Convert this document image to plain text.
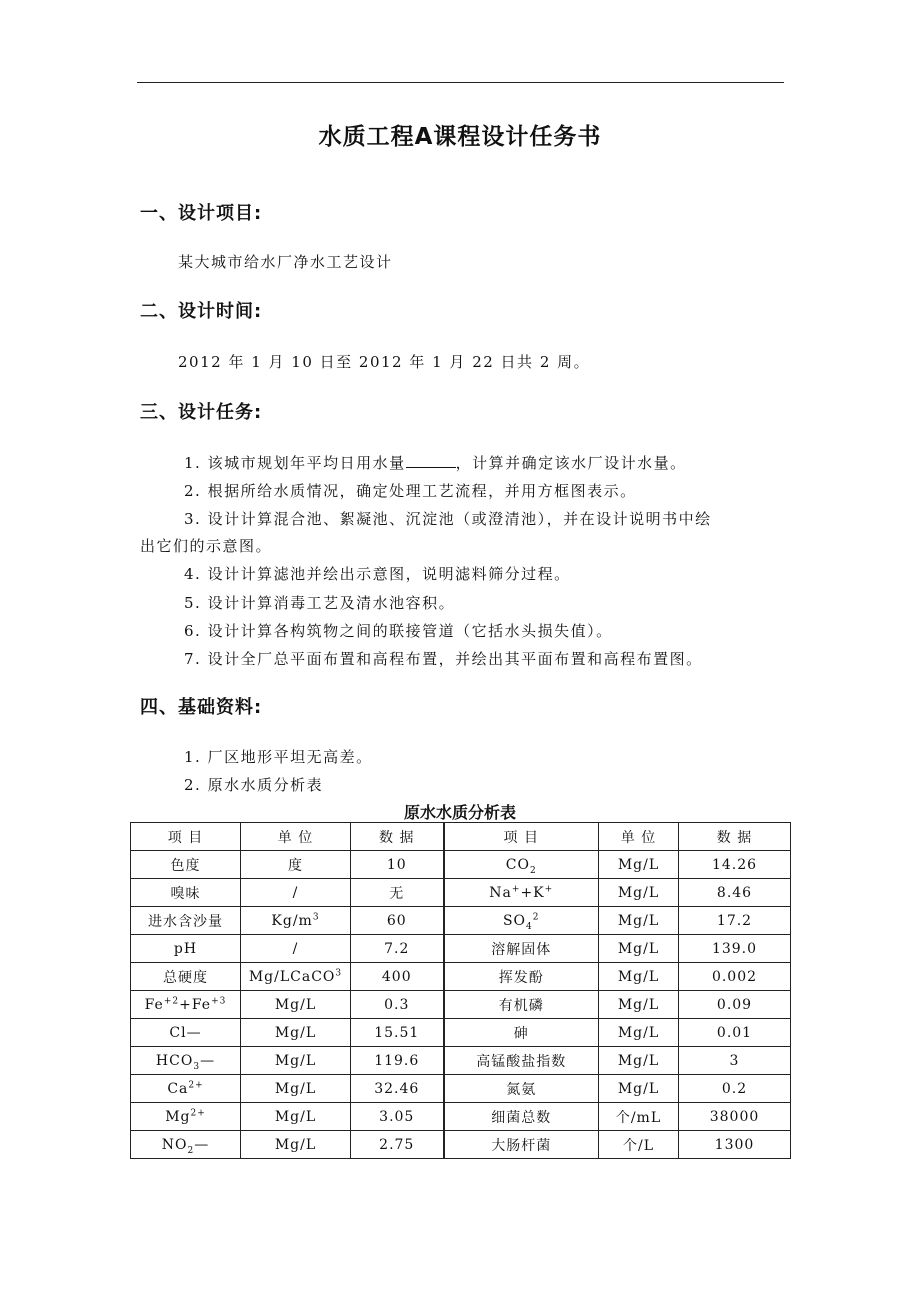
水质工程A课程设计任务书
一、设计项目:
某大城市给水厂净水工艺设计
二、设计时间:
2012 年 1 月 10 日至 2012 年 1 月 22 日共 2 周。
三、设计任务:
1. 该城市规划年平均日用水量	，计算并确定该水厂设计水量。
2. 根据所给水质情况，确定处理工艺流程，并用方框图表示。
3. 设计计算混合池、絮凝池、沉淀池（或澄清池），并在设计说明书中绘
出它们的示意图。
4. 设计计算滤池并绘出示意图，说明滤料筛分过程。
5. 设计计算消毒工艺及清水池容积。
6. 设计计算各构筑物之间的联接管道（它括水头损失值）。
7. 设计全厂总平面布置和高程布置，并绘出其平面布置和高程布置图。
四、基础资料:
1. 厂区地形平坦无高差。
2. 原水水质分析表
原水水质分析表
项 目	单 位	数 据	项 目	单 位	数 据
色度	度	10	$CO_2$	Mg/L	14.26
嗅味	/	无	Na++K+	Mg/L	8.46
进水含沙量	$Kg/m^3$	60	$SO_4^2$	Mg/L	17.2
pH	/	7.2	溶解固体	Mg/L	139.0
总硬度	Mg/LCaCO$^3$	400	挥发酚	Mg/L	0.002
$Fe^{+2}+Fe^{+3}$	Mg/L	0.3	有机磷	Mg/L	0.09
Cl—	Mg/L	15.51	砷	Mg/L	0.01
$HCO_3—$	Mg/L	119.6	高锰酸盐指数	Mg/L	3
$Ca^{2+}$	Mg/L	32.46	氮氨	Mg/L	0.2
$Mg^{2+}$	Mg/L	3.05	细菌总数	个/mL	38000
$NO_2—$	Mg/L	2.75	大肠杆菌	个/L	1300
